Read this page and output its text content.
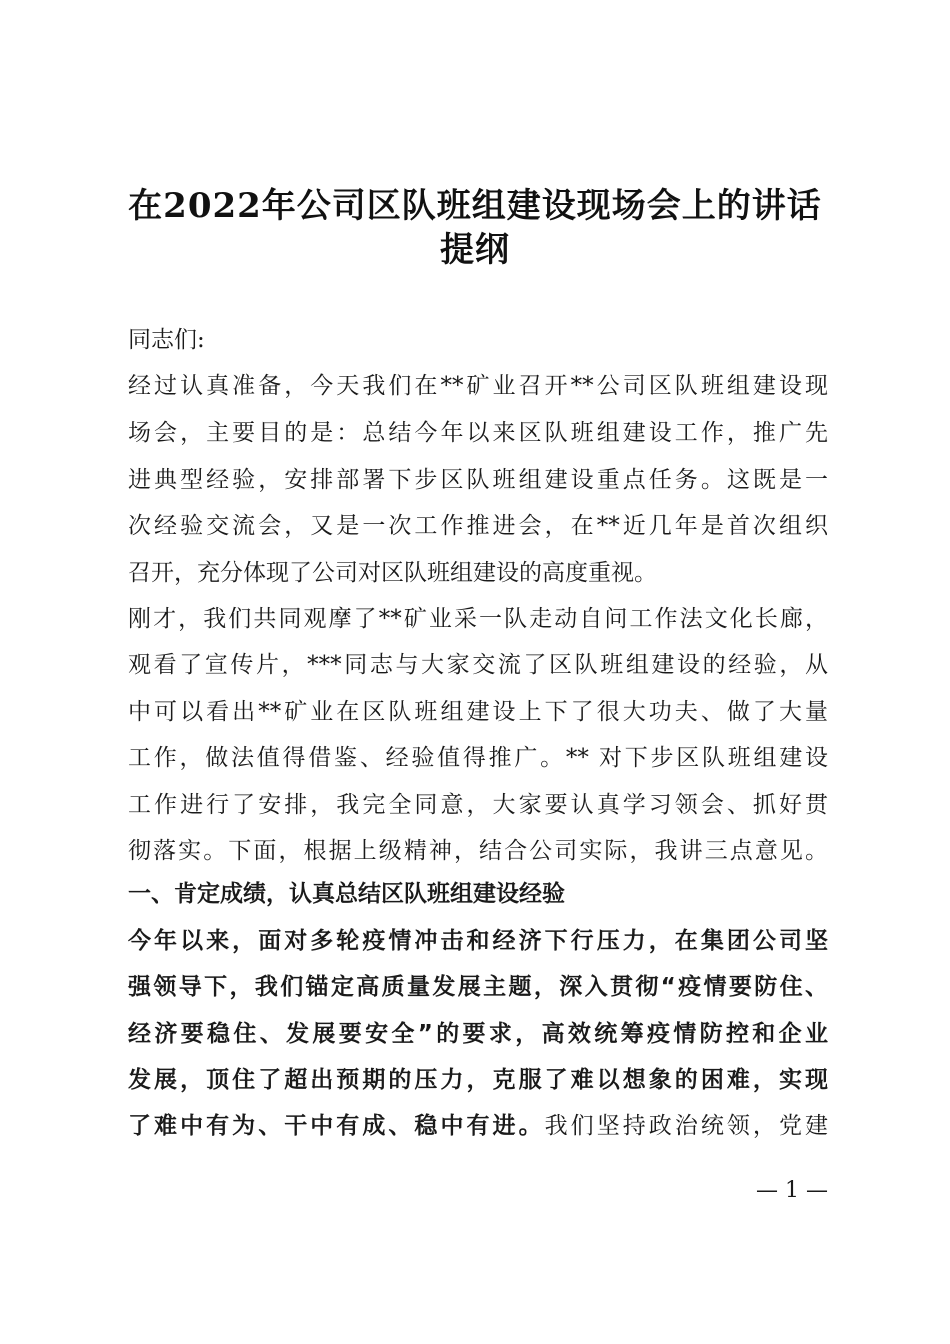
在2022年公司区队班组建设现场会上的讲话
提纲
同志们:
经过认真准备，今天我们在**矿业召开**公司区队班组建设现
场会，主要目的是：总结今年以来区队班组建设工作，推广先
进典型经验，安排部署下步区队班组建设重点任务。这既是一
次经验交流会，又是一次工作推进会，在**近几年是首次组织
召开，充分体现了公司对区队班组建设的高度重视。
刚才，我们共同观摩了**矿业采一队走动自问工作法文化长廊，
观看了宣传片，***同志与大家交流了区队班组建设的经验，从
中可以看出**矿业在区队班组建设上下了很大功夫、做了大量
工作，做法值得借鉴、经验值得推广。** 对下步区队班组建设
工作进行了安排，我完全同意，大家要认真学习领会、抓好贯
彻落实。下面，根据上级精神，结合公司实际，我讲三点意见。
一、肯定成绩，认真总结区队班组建设经验
今年以来，面对多轮疫情冲击和经济下行压力，在集团公司坚
强领导下，我们锚定高质量发展主题，深入贯彻“疫情要防住、
经济要稳住、发展要安全”的要求，高效统筹疫情防控和企业
发展，顶住了超出预期的压力，克服了难以想象的困难，实现
了难中有为、干中有成、稳中有进。我们坚持政治统领，党建
— 1 —
